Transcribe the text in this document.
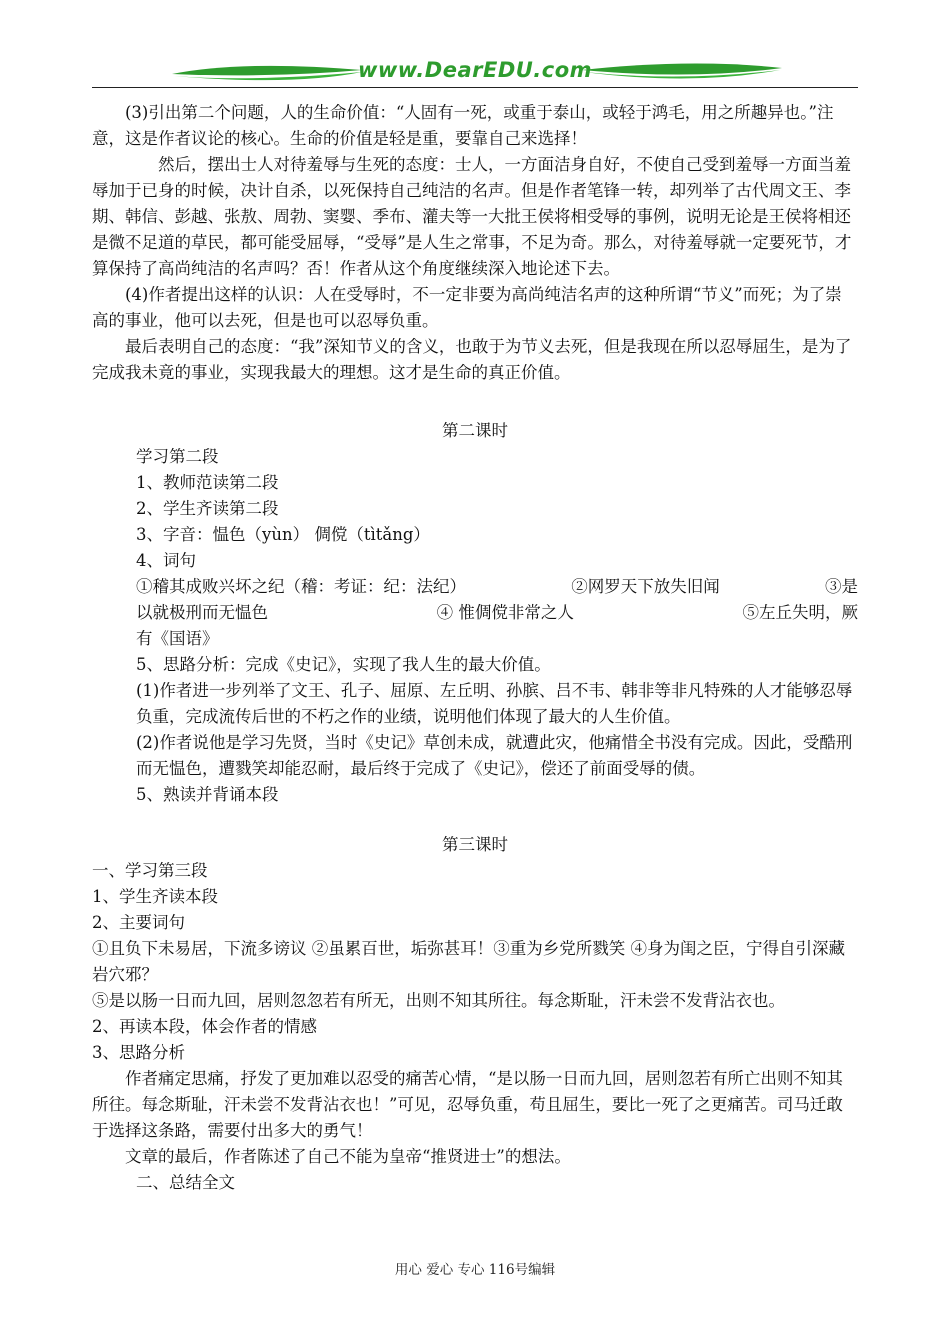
www.DearEDU.com

(3)引出第二个问题，人的生命价值：“人固有一死，或重于泰山，或轻于鸿毛，用之所趣异也。”注意，这是作者议论的核心。生命的价值是轻是重，要靠自己来选择！

然后，摆出士人对待羞辱与生死的态度：士人，一方面洁身自好，不使自己受到羞辱一方面当羞辱加于已身的时候，决计自杀，以死保持自己纯洁的名声。但是作者笔锋一转，却列举了古代周文王、李期、韩信、彭越、张敖、周勃、窦婴、季布、灌夫等一大批王侯将相受辱的事例，说明无论是王侯将相还是微不足道的草民，都可能受屈辱，“受辱”是人生之常事，不足为奇。那么，对待羞辱就一定要死节，才算保持了高尚纯洁的名声吗？否！作者从这个角度继续深入地论述下去。

(4)作者提出这样的认识：人在受辱时，不一定非要为高尚纯洁名声的这种所谓“节义”而死；为了崇高的事业，他可以去死，但是也可以忍辱负重。

最后表明自己的态度：“我”深知节义的含义，也敢于为节义去死，但是我现在所以忍辱屈生，是为了完成我未竟的事业，实现我最大的理想。这才是生命的真正价值。

第二课时

学习第二段

1、教师范读第二段

2、学生齐读第二段

3、字音：愠色（yùn） 倜傥（tìtǎng）

4、词句

①稽其成败兴坏之纪（稽：考证：纪：法纪）	②网罗天下放失旧闻	③是
以就极刑而无愠色	④ 惟倜傥非常之人	⑤左丘失明，厥

有《国语》

5、思路分析：完成《史记》，实现了我人生的最大价值。

(1)作者进一步列举了文王、孔子、屈原、左丘明、孙膑、吕不韦、韩非等非凡特殊的人才能够忍辱负重，完成流传后世的不朽之作的业绩，说明他们体现了最大的人生价值。

(2)作者说他是学习先贤，当时《史记》草创未成，就遭此灾，他痛惜全书没有完成。因此，受酷刑而无愠色，遭戮笑却能忍耐，最后终于完成了《史记》，偿还了前面受辱的债。

5、熟读并背诵本段

第三课时

一、学习第三段

1、学生齐读本段

2、主要词句

①且负下未易居，下流多谤议 ②虽累百世，垢弥甚耳！③重为乡党所戮笑 ④身为闺之臣，宁得自引深藏岩穴邪？

⑤是以肠一日而九回，居则忽忽若有所无，出则不知其所往。每念斯耻，汗未尝不发背沾衣也。

2、再读本段，体会作者的情感

3、思路分析

作者痛定思痛，抒发了更加难以忍受的痛苦心情，“是以肠一日而九回，居则忽若有所亡出则不知其所往。每念斯耻，汗未尝不发背沾衣也！”可见，忍辱负重，苟且屈生，要比一死了之更痛苦。司马迁敢于选择这条路，需要付出多大的勇气！

文章的最后，作者陈述了自己不能为皇帝“推贤进士”的想法。

二、总结全文

用心 爱心 专心 116号编辑
